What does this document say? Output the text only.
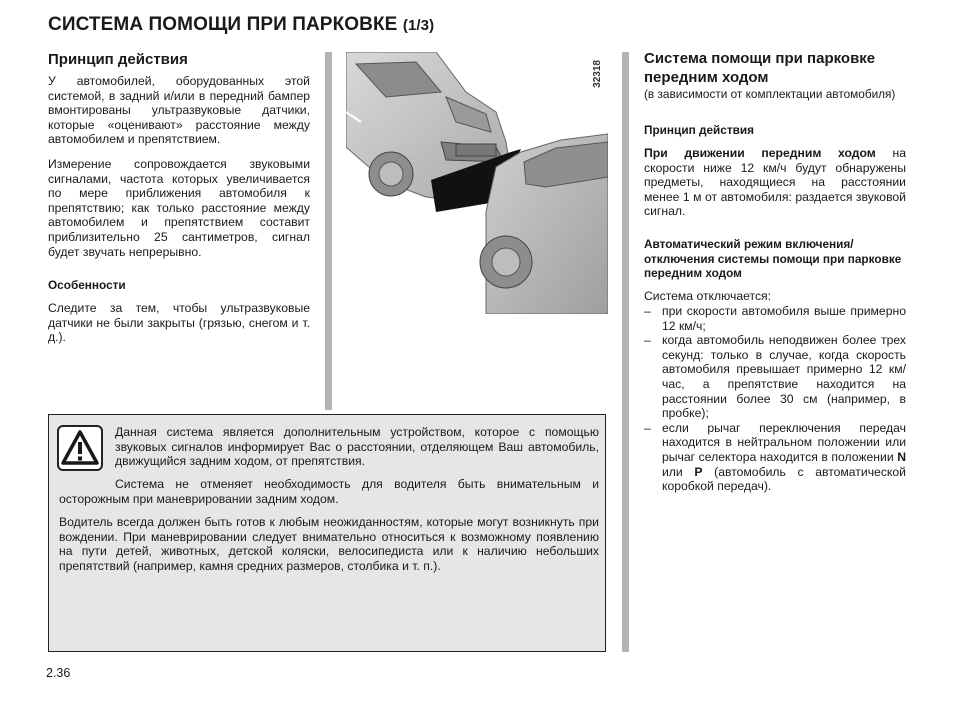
СИСТЕМА ПОМОЩИ ПРИ ПАРКОВКЕ (1/3)
Принцип действия

У автомобилей, оборудованных этой системой, в задний и/или в передний бампер вмонтированы ультразвуковые датчики, которые «оценивают» расстояние между автомобилем и препятствием.

Измерение сопровождается звуковыми сигналами, частота которых увеличивается по мере приближения автомобиля к препятствию; как только расстояние между автомобилем и препятствием составит приблизительно 25 сантиметров, сигнал будет звучать непрерывно.

Особенности

Следите за тем, чтобы ультразвуковые датчики не были закрыты (грязью, снегом и т. д.).

32318
Система помощи при парковке передним ходом

(в зависимости от комплектации автомобиля)

Принцип действия

При движении передним ходом на скорости ниже 12 км/ч будут обнаружены предметы, находящиеся на расстоянии менее 1 м от автомобиля: раздается звуковой сигнал.

Автоматический режим включения/отключения системы помощи при парковке передним ходом

Система отключается:

– при скорости автомобиля выше примерно 12 км/ч;
– когда автомобиль неподвижен более трех секунд: только в случае, когда скорость автомобиля превышает примерно 12 км/час, а препятствие находится на расстоянии более 30 см (например, в пробке);
– если рычаг переключения передач находится в нейтральном положении или рычаг селектора находится в положении N или P (автомобиль с автоматической коробкой передач).

Данная система является дополнительным устройством, которое с помощью звуковых сигналов информирует Вас о расстоянии, отделяющем Ваш автомобиль, движущийся задним ходом, от препятствия.

Система не отменяет необходимость для водителя быть внимательным и осторожным при маневрировании задним ходом.

Водитель всегда должен быть готов к любым неожиданностям, которые могут возникнуть при вождении. При маневрировании следует внимательно относиться к возможному появлению на пути детей, животных, детской коляски, велосипедиста или к наличию небольших препятствий (например, камня средних размеров, столбика и т. п.).

2.36
